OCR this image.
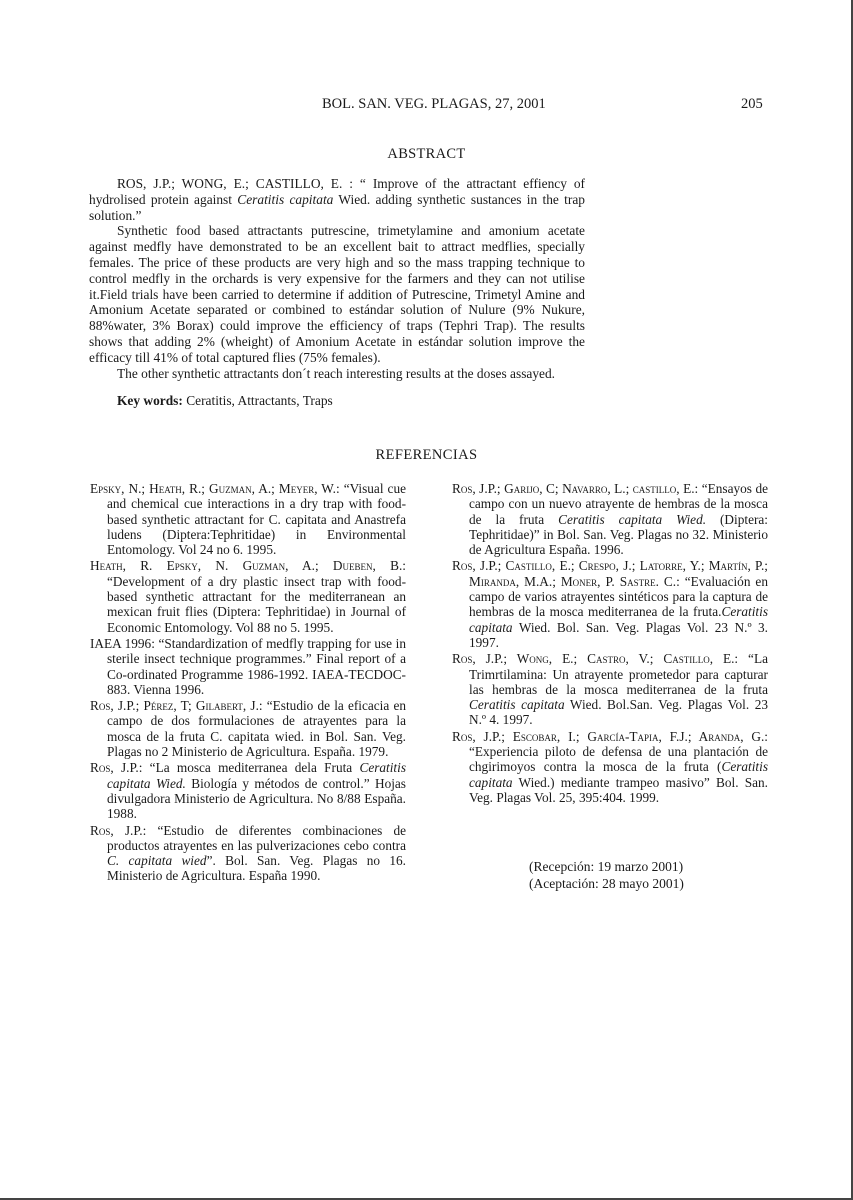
BOL. SAN. VEG. PLAGAS, 27, 2001	205
ABSTRACT

ROS, J.P.; WONG, E.; CASTILLO, E. : “ Improve of the attractant effiency of hydrolised protein against Ceratitis capitata Wied. adding synthetic sustances in the trap solution.”

Synthetic food based attractants putrescine, trimetylamine and amonium acetate against medfly have demonstrated to be an excellent bait to attract medflies, specially females. The price of these products are very high and so the mass trapping technique to control medfly in the orchards is very expensive for the farmers and they can not utilise it.Field trials have been carried to determine if addition of Putrescine, Trimetyl Amine and Amonium Acetate separated or combined to estándar solution of Nulure (9% Nukure, 88%water, 3% Borax) could improve the efficiency of traps (Tephri Trap). The results shows that adding 2% (wheight) of Amonium Acetate in estándar solution improve the efficacy till 41% of total captured flies (75% females).

The other synthetic attractants don´t reach interesting results at the doses assayed.

Key words: Ceratitis, Attractants, Traps

REFERENCIAS

Epsky, N.; Heath, R.; Guzman, A.; Meyer, W.: “Visual cue and chemical cue interactions in a dry trap with food-based synthetic attractant for C. capitata and Anastrefa ludens (Diptera:Tephritidae) in Environmental Entomology. Vol 24 no 6. 1995.

Heath, R. Epsky, N. Guzman, A.; Dueben, B.: “Development of a dry plastic insect trap with food-based synthetic attractant for the mediterranean an mexican fruit flies (Diptera: Tephritidae) in Journal of Economic Entomology. Vol 88 no 5. 1995.

IAEA 1996: “Standardization of medfly trapping for use in sterile insect technique programmes.” Final report of a Co-ordinated Programme 1986-1992. IAEA-TECDOC-883. Vienna 1996.

Ros, J.P.; Pérez, T; Gilabert, J.: “Estudio de la eficacia en campo de dos formulaciones de atrayentes para la mosca de la fruta C. capitata wied. in Bol. San. Veg. Plagas no 2 Ministerio de Agricultura. España. 1979.

Ros, J.P.: “La mosca mediterranea dela Fruta Ceratitis capitata Wied. Biología y métodos de control.” Hojas divulgadora Ministerio de Agricultura. No 8/88 España. 1988.

Ros, J.P.: “Estudio de diferentes combinaciones de productos atrayentes en las pulverizaciones cebo contra C. capitata wied”. Bol. San. Veg. Plagas no 16. Ministerio de Agricultura. España 1990.

Ros, J.P.; Garijo, C; Navarro, L.; castillo, E.: “Ensayos de campo con un nuevo atrayente de hembras de la mosca de la fruta Ceratitis capitata Wied. (Diptera: Tephritidae)” in Bol. San. Veg. Plagas no 32. Ministerio de Agricultura España. 1996.

Ros, J.P.; Castillo, E.; Crespo, J.; Latorre, Y.; Martín, P.; Miranda, M.A.; Moner, P. Sastre. C.: “Evaluación en campo de varios atrayentes sintéticos para la captura de hembras de la mosca mediterranea de la fruta.Ceratitis capitata Wied. Bol. San. Veg. Plagas Vol. 23 N.º 3. 1997.

Ros, J.P.; Wong, E.; Castro, V.; Castillo, E.: “La Trimrtilamina: Un atrayente prometedor para capturar las hembras de la mosca mediterranea de la fruta Ceratitis capitata Wied. Bol.San. Veg. Plagas Vol. 23 N.º 4. 1997.

Ros, J.P.; Escobar, I.; García-Tapia, F.J.; Aranda, G.: “Experiencia piloto de defensa de una plantación de chgirimoyos contra la mosca de la fruta (Ceratitis capitata Wied.) mediante trampeo masivo” Bol. San. Veg. Plagas Vol. 25, 395:404. 1999.

(Recepción: 19 marzo 2001)
(Aceptación: 28 mayo 2001)
